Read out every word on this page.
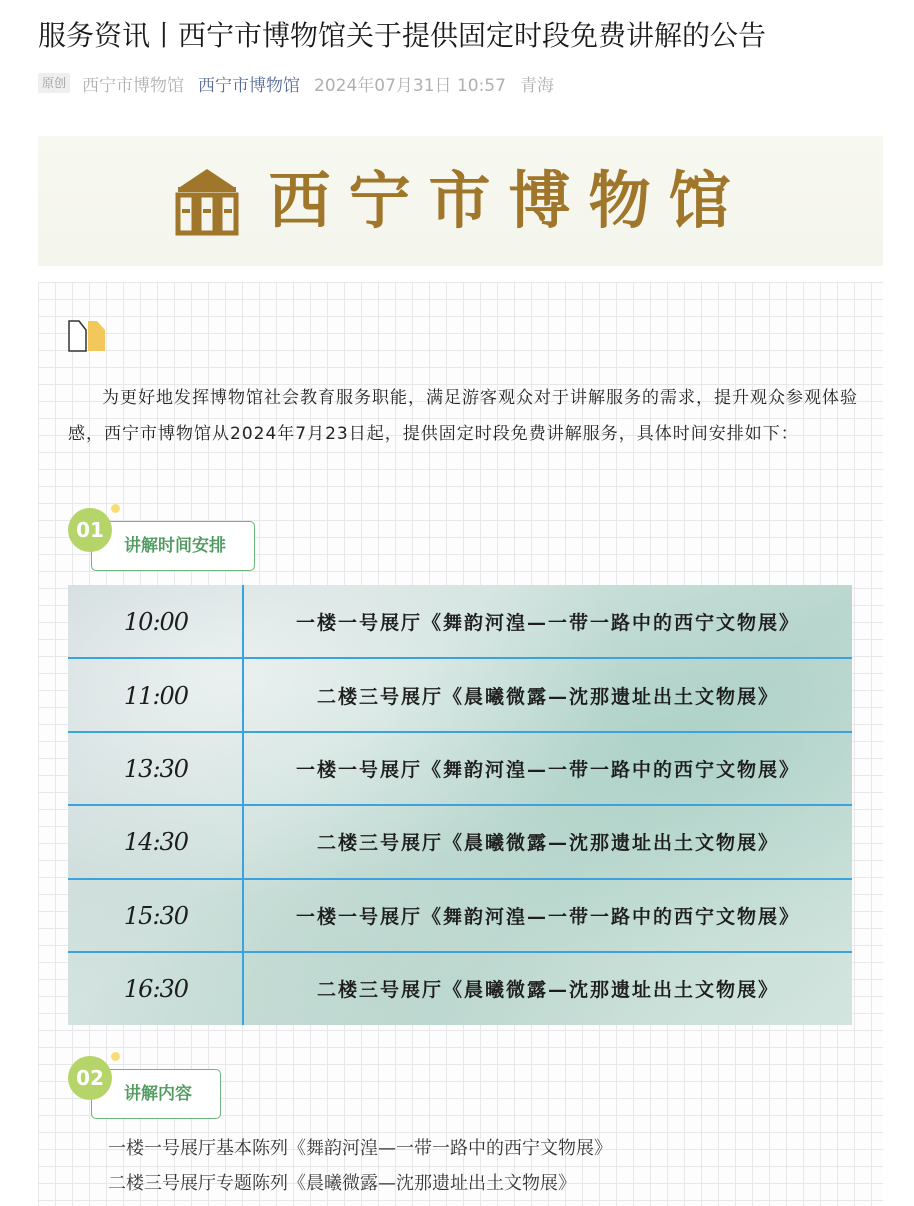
服务资讯丨西宁市博物馆关于提供固定时段免费讲解的公告
原创 西宁市博物馆 西宁市博物馆 2024年07月31日 10:57 青海
西宁市博物馆
为更好地发挥博物馆社会教育服务职能，满足游客观众对于讲解服务的需求，提升观众参观体验感，西宁市博物馆从2024年7月23日起，提供固定时段免费讲解服务，具体时间安排如下：
01
讲解时间安排
10:00	一楼一号展厅《舞韵河湟—一带一路中的西宁文物展》
11:00	二楼三号展厅《晨曦微露—沈那遗址出土文物展》
13:30	一楼一号展厅《舞韵河湟—一带一路中的西宁文物展》
14:30	二楼三号展厅《晨曦微露—沈那遗址出土文物展》
15:30	一楼一号展厅《舞韵河湟—一带一路中的西宁文物展》
16:30	二楼三号展厅《晨曦微露—沈那遗址出土文物展》
02
讲解内容
一楼一号展厅基本陈列《舞韵河湟—一带一路中的西宁文物展》
二楼三号展厅专题陈列《晨曦微露—沈那遗址出土文物展》
